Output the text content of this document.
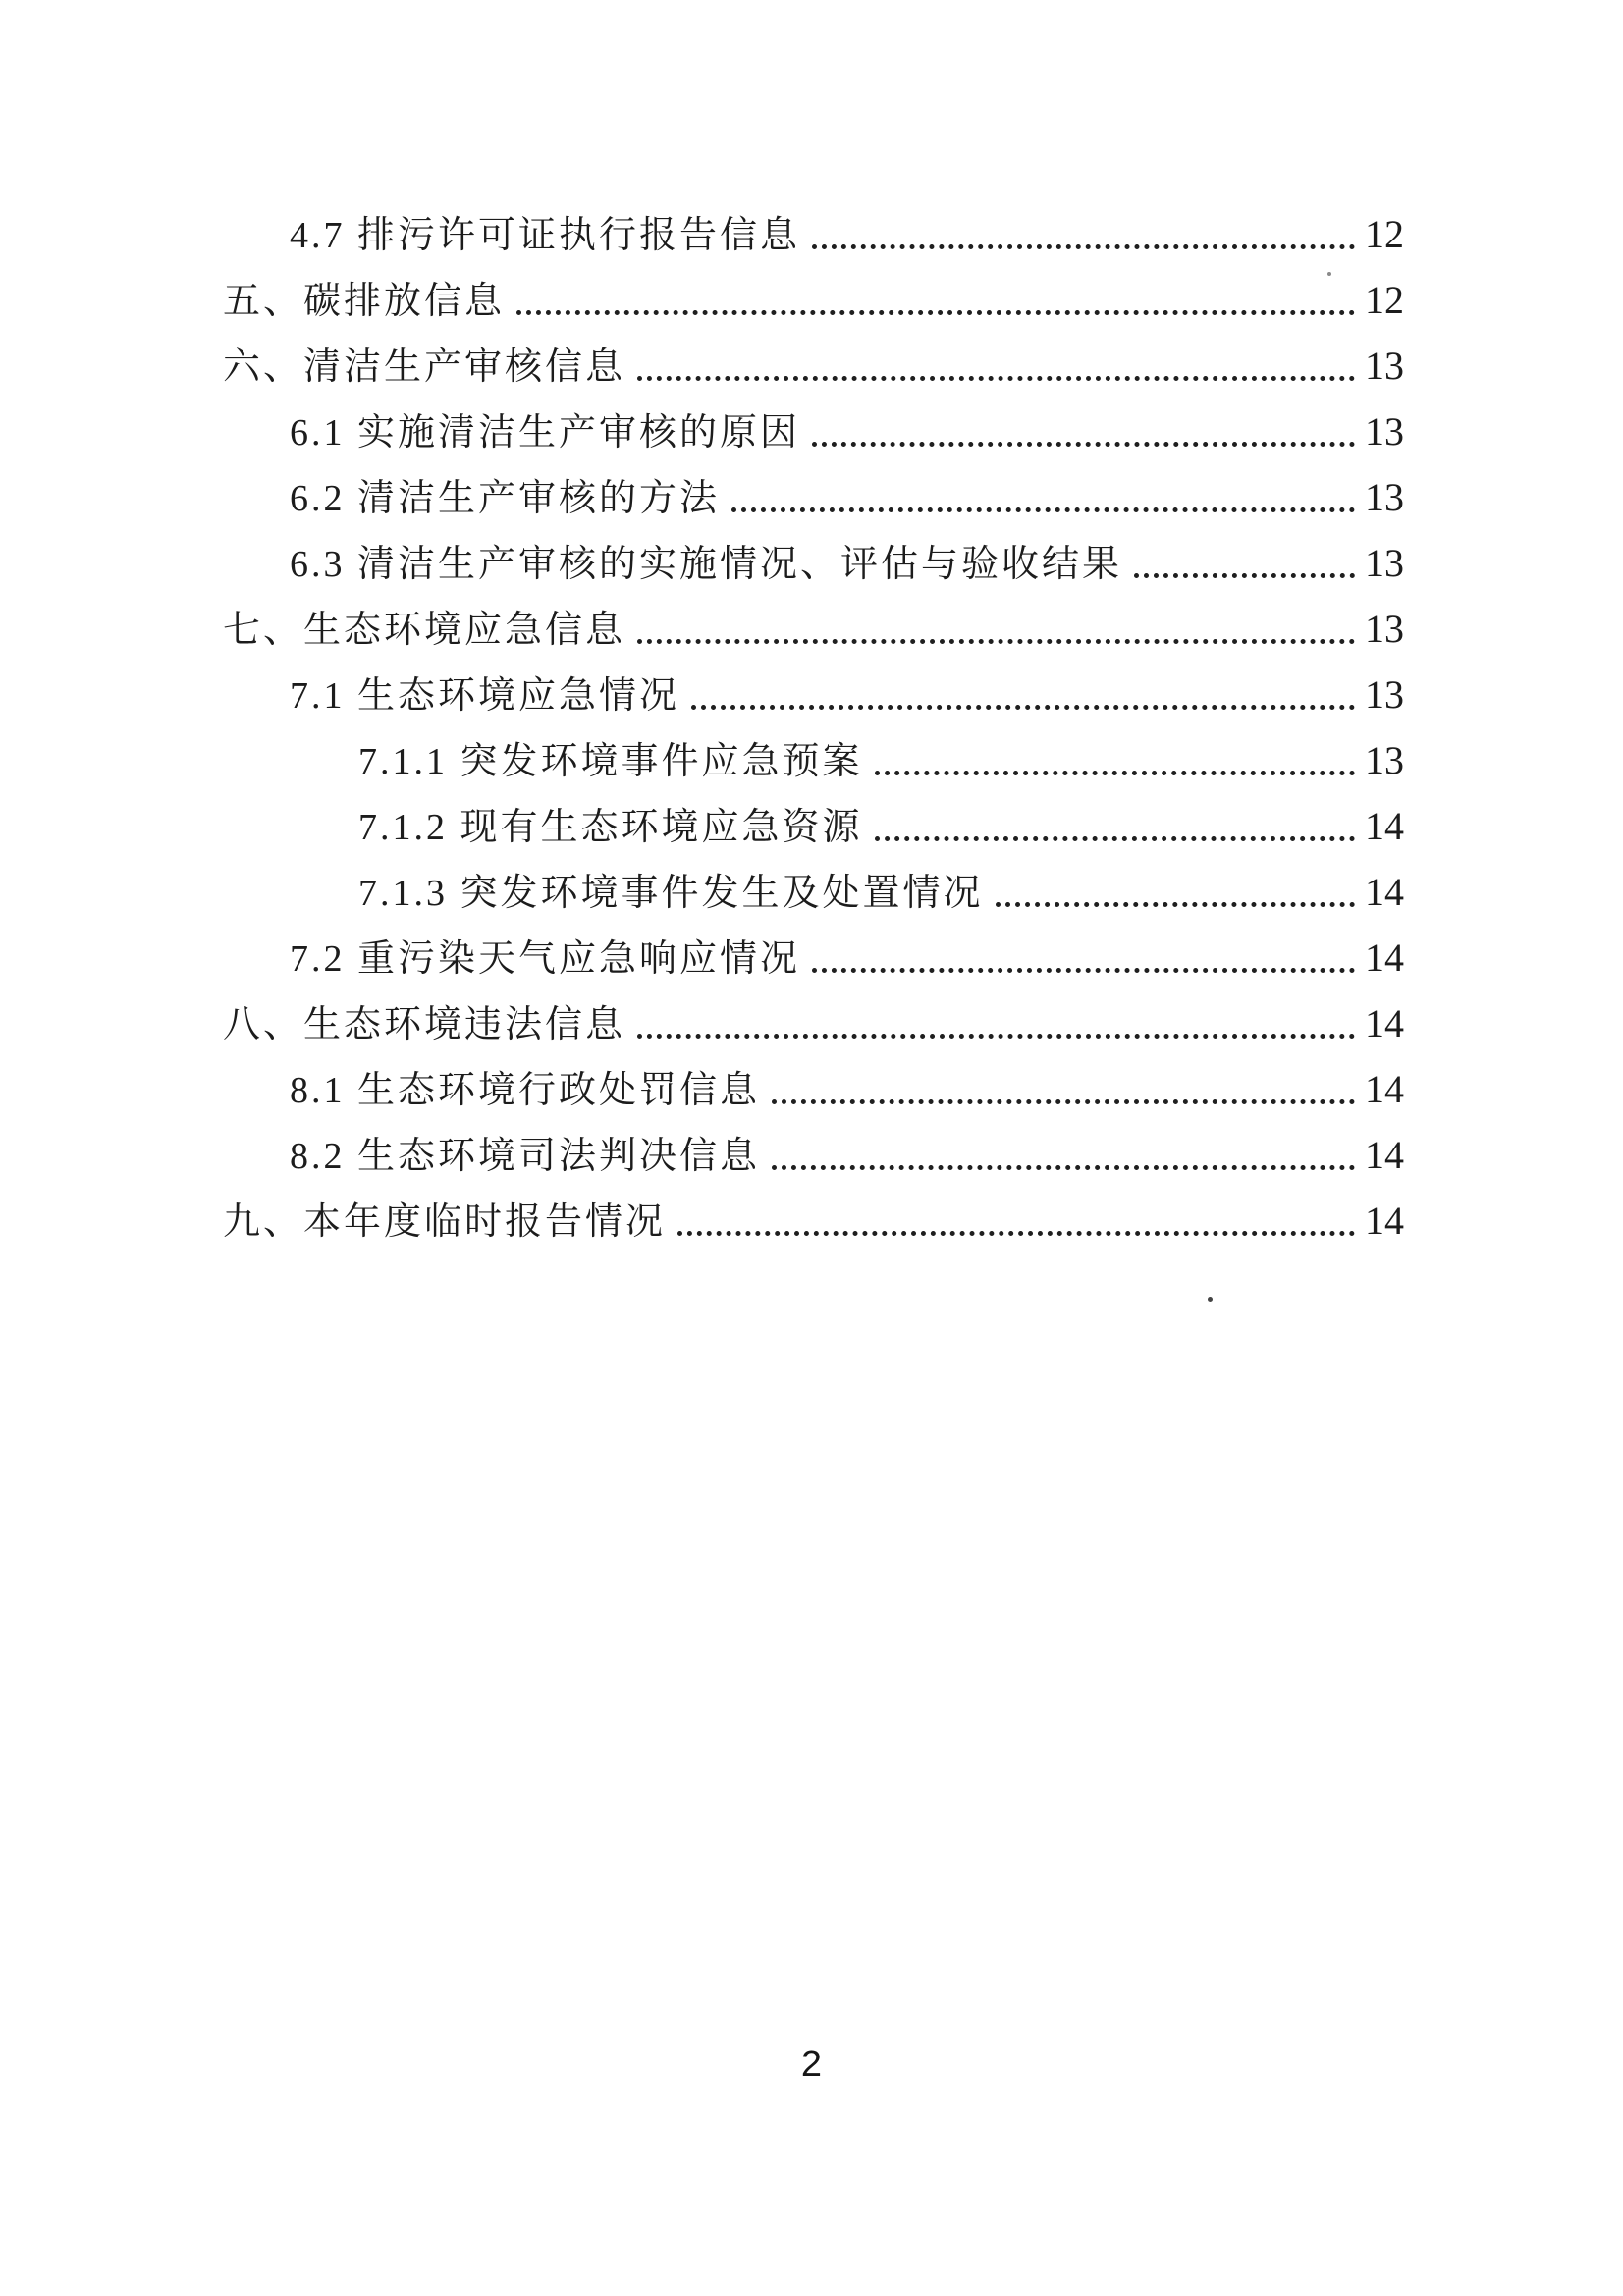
4.7 排污许可证执行报告信息	12
五、碳排放信息	12
六、清洁生产审核信息	13
6.1 实施清洁生产审核的原因	13
6.2 清洁生产审核的方法	13
6.3 清洁生产审核的实施情况、评估与验收结果	13
七、生态环境应急信息	13
7.1 生态环境应急情况	13
7.1.1 突发环境事件应急预案	13
7.1.2 现有生态环境应急资源	14
7.1.3 突发环境事件发生及处置情况	14
7.2 重污染天气应急响应情况	14
八、生态环境违法信息	14
8.1 生态环境行政处罚信息	14
8.2 生态环境司法判决信息	14
九、本年度临时报告情况	14
2
